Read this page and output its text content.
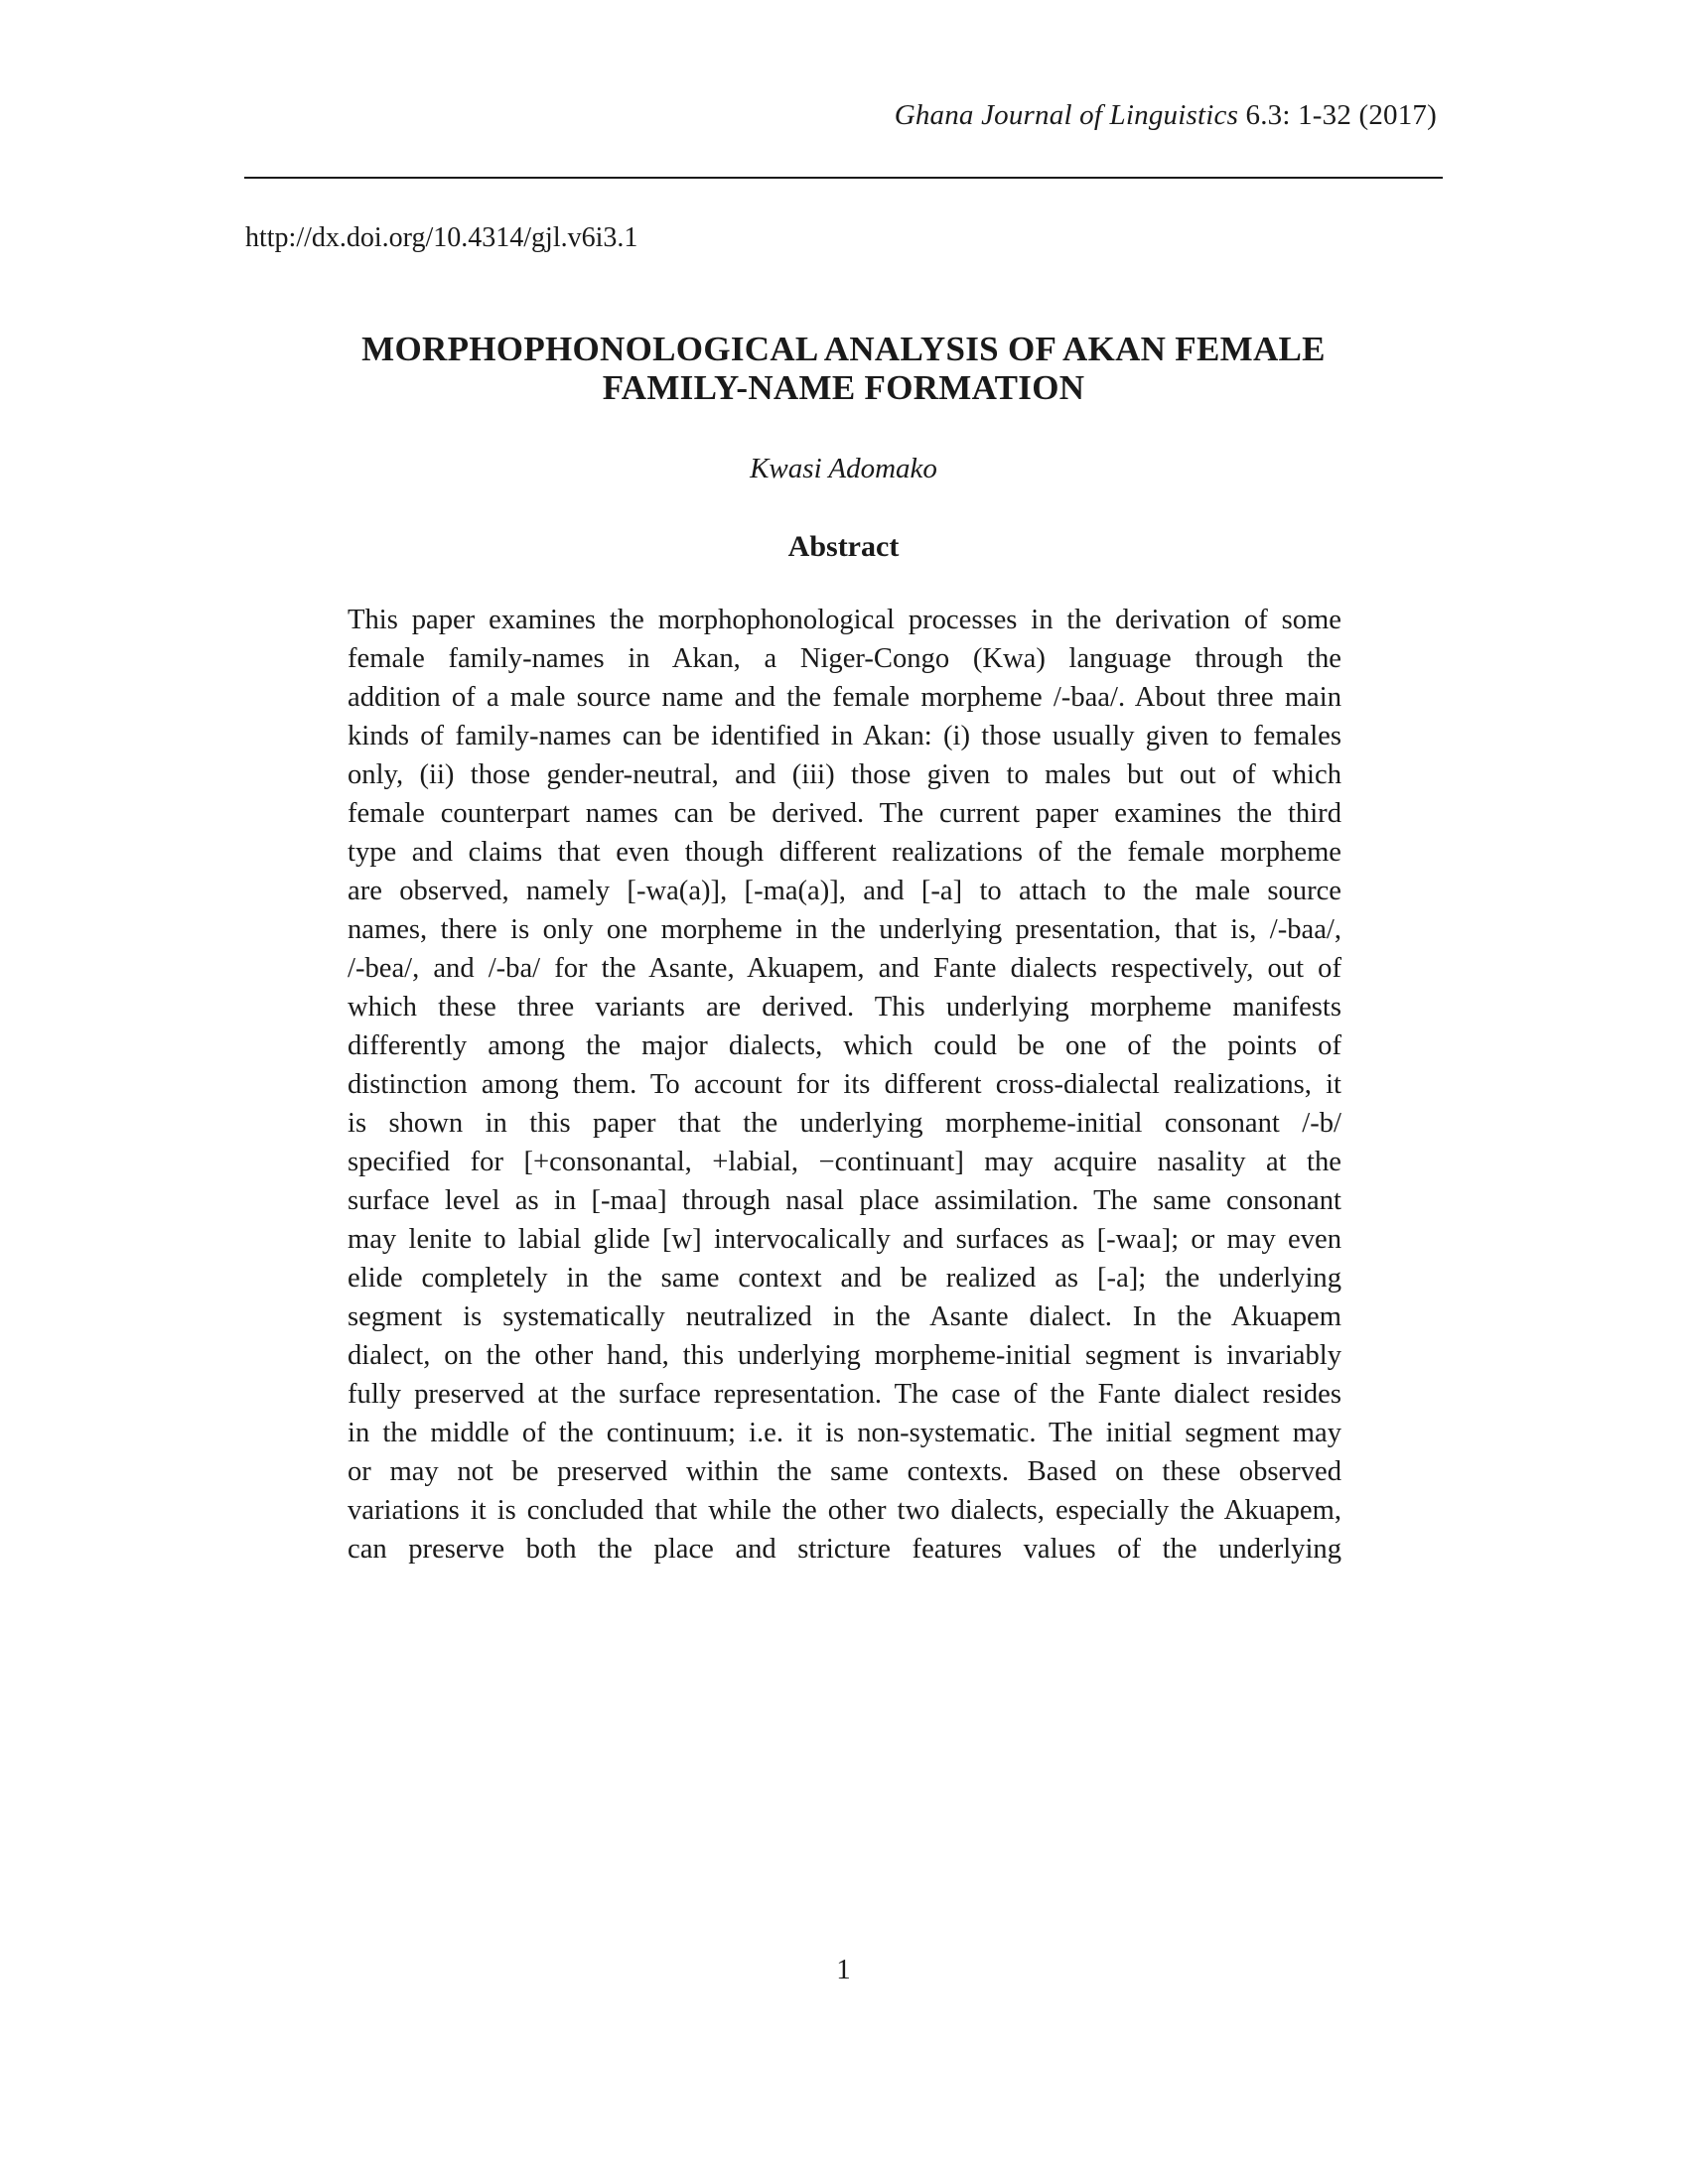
Ghana Journal of Linguistics 6.3: 1-32 (2017)
http://dx.doi.org/10.4314/gjl.v6i3.1
MORPHOPHONOLOGICAL ANALYSIS OF AKAN FEMALE
FAMILY-NAME FORMATION
Kwasi Adomako
Abstract
This paper examines the morphophonological processes in the derivation of some
female family-names in Akan, a Niger-Congo (Kwa) language through the
addition of a male source name and the female morpheme /-baa/. About three main
kinds of family-names can be identified in Akan: (i) those usually given to females
only, (ii) those gender-neutral, and (iii) those given to males but out of which
female counterpart names can be derived. The current paper examines the third
type and claims that even though different realizations of the female morpheme
are observed, namely [-wa(a)], [-ma(a)], and [-a] to attach to the male source
names, there is only one morpheme in the underlying presentation, that is, /-baa/,
/-bea/, and /-ba/ for the Asante, Akuapem, and Fante dialects respectively, out of
which these three variants are derived. This underlying morpheme manifests
differently among the major dialects, which could be one of the points of
distinction among them. To account for its different cross-dialectal realizations, it
is shown in this paper that the underlying morpheme-initial consonant /-b/
specified for [+consonantal, +labial, −continuant] may acquire nasality at the
surface level as in [-maa] through nasal place assimilation. The same consonant
may lenite to labial glide [w] intervocalically and surfaces as [-waa]; or may even
elide completely in the same context and be realized as [-a]; the underlying
segment is systematically neutralized in the Asante dialect. In the Akuapem
dialect, on the other hand, this underlying morpheme-initial segment is invariably
fully preserved at the surface representation. The case of the Fante dialect resides
in the middle of the continuum; i.e. it is non-systematic. The initial segment may
or may not be preserved within the same contexts. Based on these observed
variations it is concluded that while the other two dialects, especially the Akuapem,
can preserve both the place and stricture features values of the underlying
1
